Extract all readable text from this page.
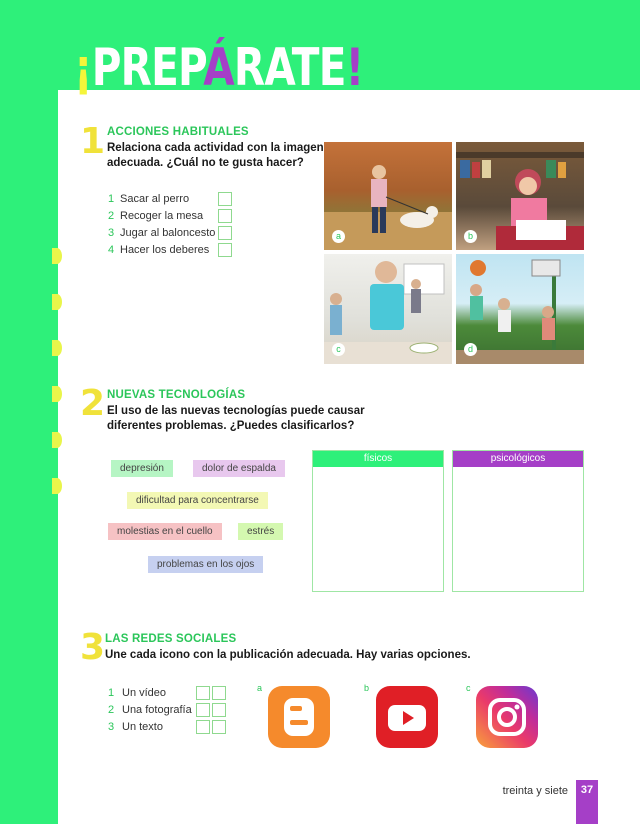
¡PREPÁRATE!
1 ACCIONES HABITUALES
Relaciona cada actividad con la imagen
adecuada. ¿Cuál no te gusta hacer?
1 Sacar al perro
2 Recoger la mesa
3 Jugar al baloncesto
4 Hacer los deberes
a	b
c	d
2 NUEVAS TECNOLOGÍAS
El uso de las nuevas tecnologías puede causar
diferentes problemas. ¿Puedes clasificarlos?
depresión	dolor de espalda
dificultad para concentrarse
molestias en el cuello	estrés
problemas en los ojos
físicos	psicológicos
3 LAS REDES SOCIALES
Une cada icono con la publicación adecuada. Hay varias opciones.
1 Un vídeo
2 Una fotografía
3 Un texto
a	b	c
treinta y siete	37
